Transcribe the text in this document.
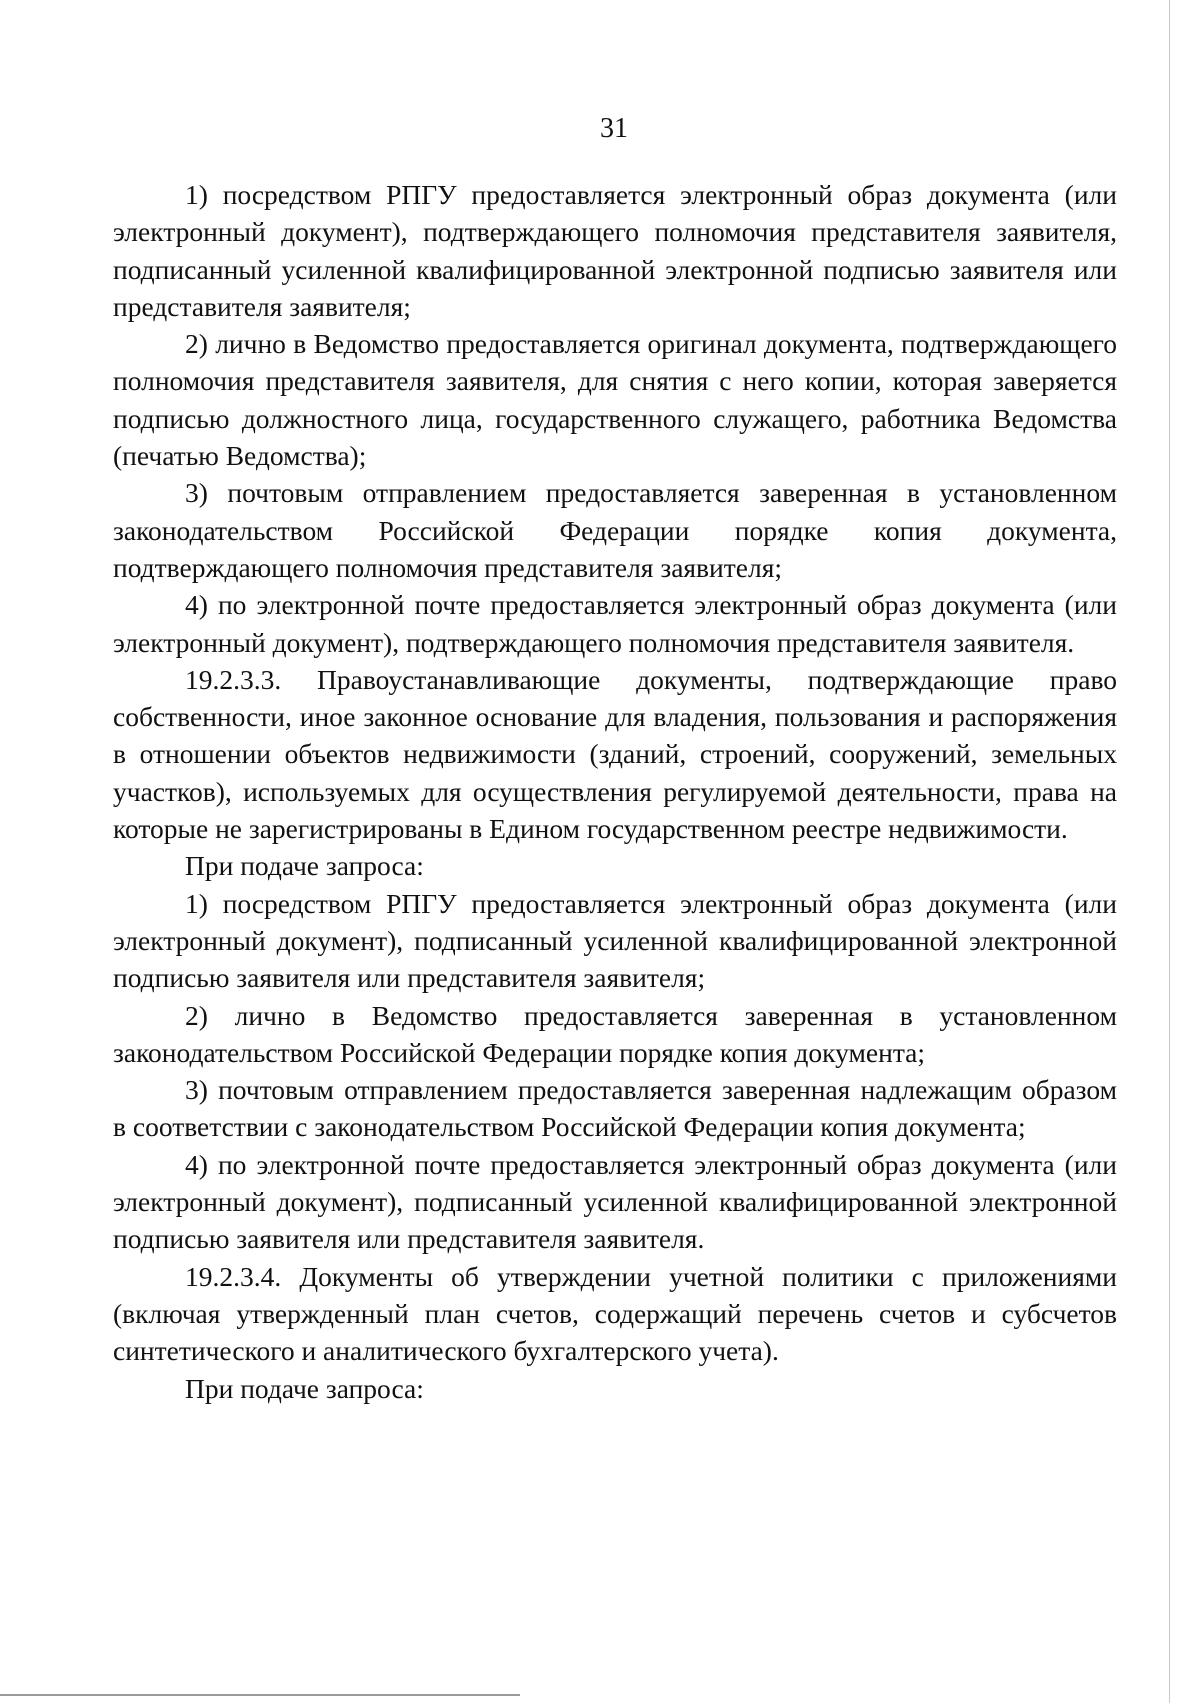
31

1) посредством РПГУ предоставляется электронный образ документа (или электронный документ), подтверждающего полномочия представителя заявителя, подписанный усиленной квалифицированной электронной подписью заявителя или представителя заявителя;

2) лично в Ведомство предоставляется оригинал документа, подтверждающего полномочия представителя заявителя, для снятия с него копии, которая заверяется подписью должностного лица, государственного служащего, работника Ведомства (печатью Ведомства);

3) почтовым отправлением предоставляется заверенная в установленном законодательством Российской Федерации порядке копия документа, подтверждающего полномочия представителя заявителя;

4) по электронной почте предоставляется электронный образ документа (или электронный документ), подтверждающего полномочия представителя заявителя.

19.2.3.3. Правоустанавливающие документы, подтверждающие право собственности, иное законное основание для владения, пользования и распоряжения в отношении объектов недвижимости (зданий, строений, сооружений, земельных участков), используемых для осуществления регулируемой деятельности, права на которые не зарегистрированы в Едином государственном реестре недвижимости.

При подаче запроса:

1) посредством РПГУ предоставляется электронный образ документа (или электронный документ), подписанный усиленной квалифицированной электронной подписью заявителя или представителя заявителя;

2) лично в Ведомство предоставляется заверенная в установленном законодательством Российской Федерации порядке копия документа;

3) почтовым отправлением предоставляется заверенная надлежащим образом в соответствии с законодательством Российской Федерации копия документа;

4) по электронной почте предоставляется электронный образ документа (или электронный документ), подписанный усиленной квалифицированной электронной подписью заявителя или представителя заявителя.

19.2.3.4. Документы об утверждении учетной политики с приложениями (включая утвержденный план счетов, содержащий перечень счетов и субсчетов синтетического и аналитического бухгалтерского учета).

При подаче запроса:
